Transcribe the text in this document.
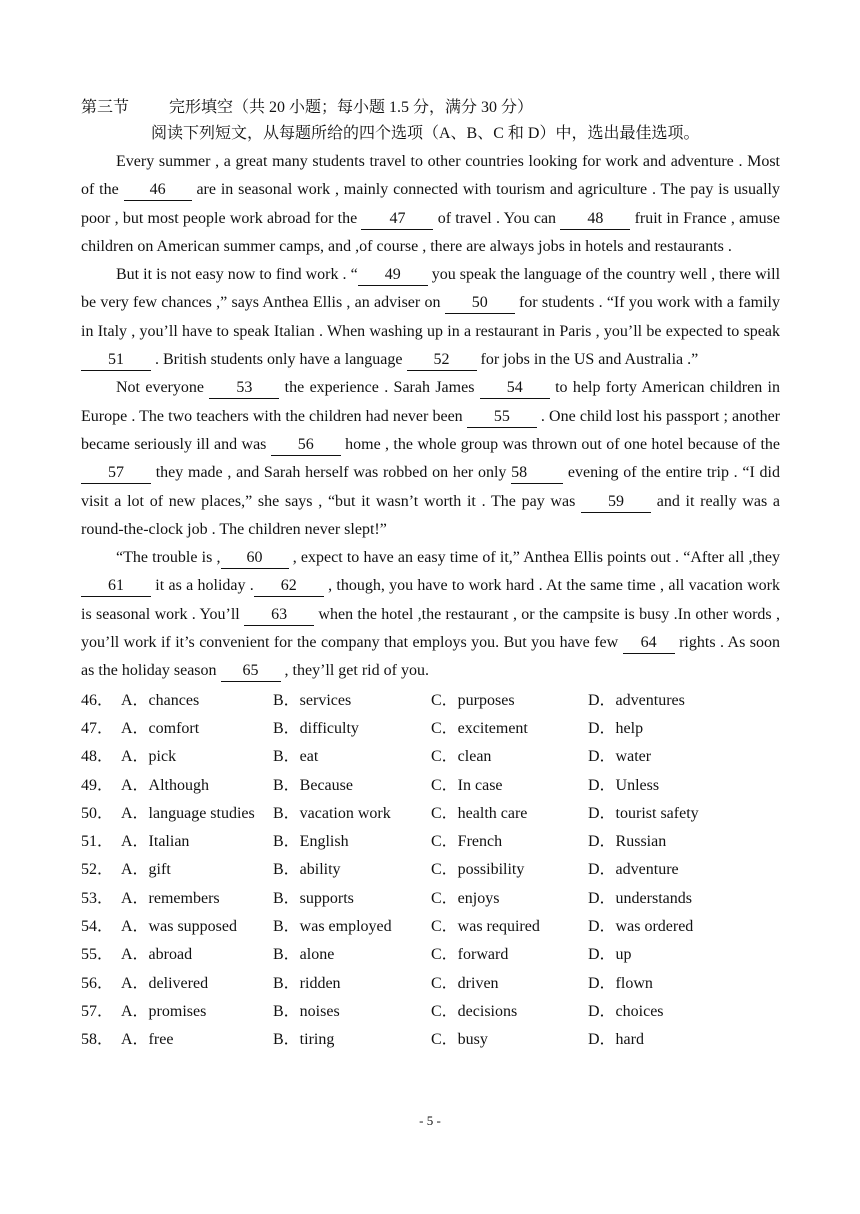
第三节 完形填空（共 20 小题；每小题 1.5 分，满分 30 分）
阅读下列短文，从每题所给的四个选项（A、B、C 和 D）中，选出最佳选项。

Every summer , a great many students travel to other countries looking for work and adventure . Most of the 46 are in seasonal work , mainly connected with tourism and agriculture . The pay is usually poor , but most people work abroad for the 47 of travel . You can 48 fruit in France , amuse children on American summer camps, and ,of course , there are always jobs in hotels and restaurants .

But it is not easy now to find work . “ 49 you speak the language of the country well , there will be very few chances ,” says Anthea Ellis , an adviser on 50 for students . “If you work with a family in Italy , you’ll have to speak Italian . When washing up in a restaurant in Paris , you’ll be expected to speak 51 . British students only have a language 52 for jobs in the US and Australia .”

Not everyone 53 the experience . Sarah James 54 to help forty American children in Europe . The two teachers with the children had never been 55 . One child lost his passport ; another became seriously ill and was 56 home , the whole group was thrown out of one hotel because of the 57 they made , and Sarah herself was robbed on her only 58 evening of the entire trip . “I did visit a lot of new places,” she says , “but it wasn’t worth it . The pay was 59 and it really was a round-the-clock job . The children never slept!”

“The trouble is , 60 , expect to have an easy time of it,” Anthea Ellis points out . “After all ,they 61 it as a holiday . 62 , though, you have to work hard . At the same time , all vacation work is seasonal work . You’ll 63 when the hotel ,the restaurant , or the campsite is busy .In other words , you’ll work if it’s convenient for the company that employs you. But you have few 64 rights . As soon as the holiday season 65 , they’ll get rid of you.

46． A．chances	B．services	C．purposes	D．adventures
47． A．comfort	B．difficulty	C．excitement	D．help
48． A．pick	B．eat	C．clean	D．water
49． A．Although	B．Because	C．In case	D．Unless
50． A．language studies	B．vacation work	C．health care	D．tourist safety
51． A．Italian	B．English	C．French	D．Russian
52． A．gift	B．ability	C．possibility	D．adventure
53． A．remembers	B．supports	C．enjoys	D．understands
54． A．was supposed	B．was employed	C．was required	D．was ordered
55． A．abroad	B．alone	C．forward	D．up
56． A．delivered	B．ridden	C．driven	D．flown
57． A．promises	B．noises	C．decisions	D．choices
58． A．free	B．tiring	C．busy	D．hard
- 5 -
